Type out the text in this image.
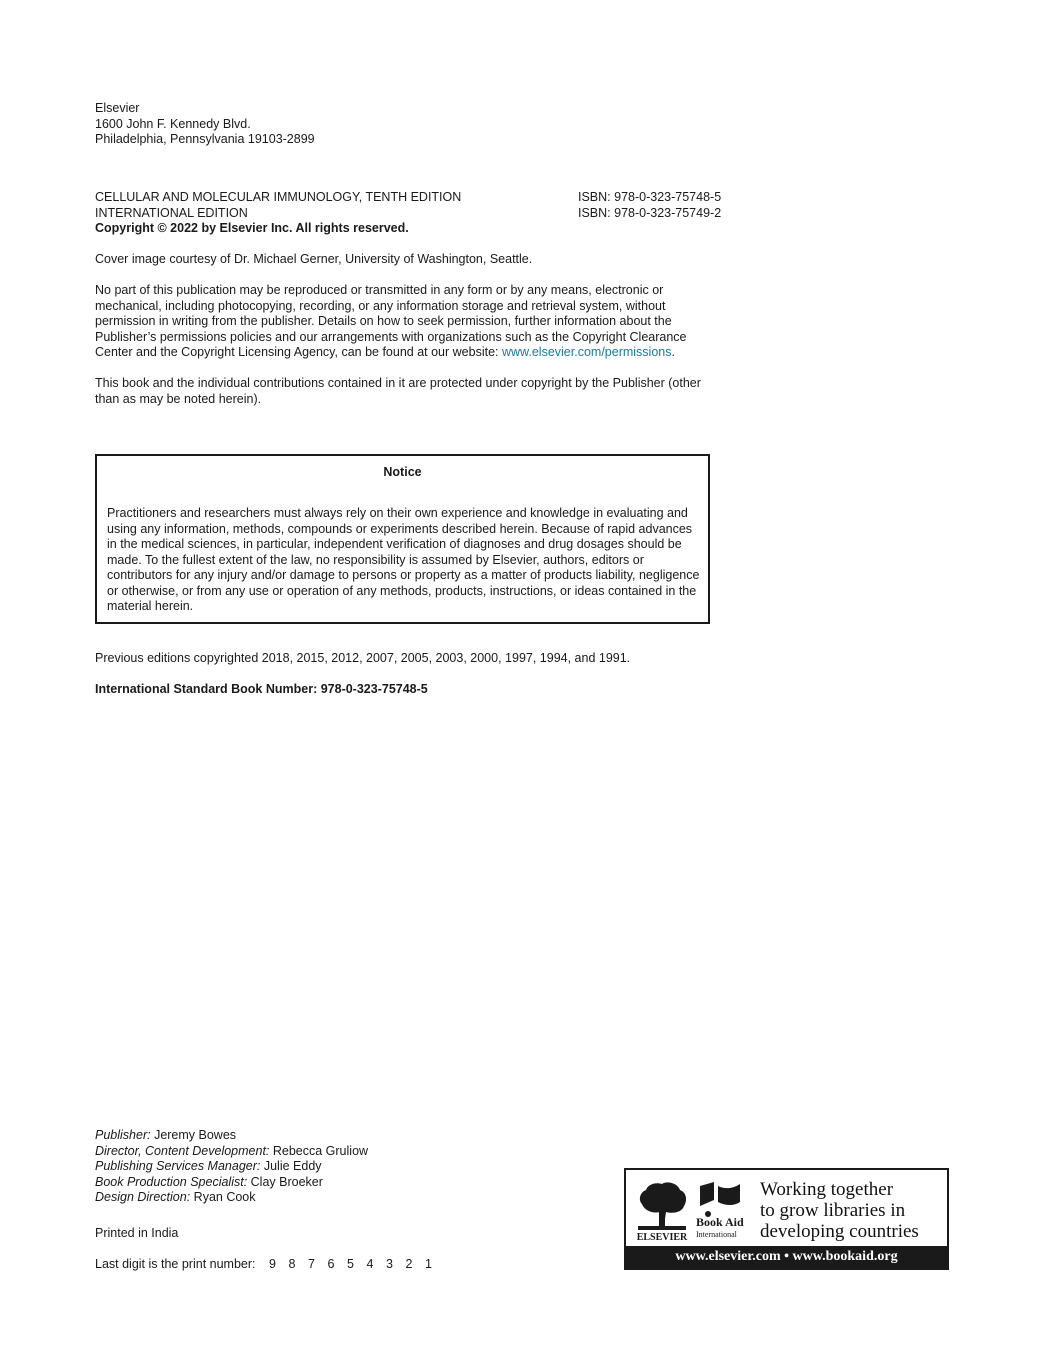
Elsevier
1600 John F. Kennedy Blvd.
Philadelphia, Pennsylvania 19103-2899
CELLULAR AND MOLECULAR IMMUNOLOGY, TENTH EDITION
INTERNATIONAL EDITION
Copyright © 2022 by Elsevier Inc. All rights reserved.
ISBN: 978-0-323-75748-5
ISBN: 978-0-323-75749-2
Cover image courtesy of Dr. Michael Gerner, University of Washington, Seattle.
No part of this publication may be reproduced or transmitted in any form or by any means, electronic or mechanical, including photocopying, recording, or any information storage and retrieval system, without permission in writing from the publisher. Details on how to seek permission, further information about the Publisher’s permissions policies and our arrangements with organizations such as the Copyright Clearance Center and the Copyright Licensing Agency, can be found at our website: www.elsevier.com/permissions.
This book and the individual contributions contained in it are protected under copyright by the Publisher (other than as may be noted herein).
Notice
Practitioners and researchers must always rely on their own experience and knowledge in evaluating and using any information, methods, compounds or experiments described herein. Because of rapid advances in the medical sciences, in particular, independent verification of diagnoses and drug dosages should be made. To the fullest extent of the law, no responsibility is assumed by Elsevier, authors, editors or contributors for any injury and/or damage to persons or property as a matter of products liability, negligence or otherwise, or from any use or operation of any methods, products, instructions, or ideas contained in the material herein.
Previous editions copyrighted 2018, 2015, 2012, 2007, 2005, 2003, 2000, 1997, 1994, and 1991.
International Standard Book Number: 978-0-323-75748-5
Publisher: Jeremy Bowes
Director, Content Development: Rebecca Gruliow
Publishing Services Manager: Julie Eddy
Book Production Specialist: Clay Broeker
Design Direction: Ryan Cook
Printed in India
Last digit is the print number: 9 8 7 6 5 4 3 2 1
ELSEVIER
Book Aid
International
Working together
to grow libraries in
developing countries
www.elsevier.com • www.bookaid.org
